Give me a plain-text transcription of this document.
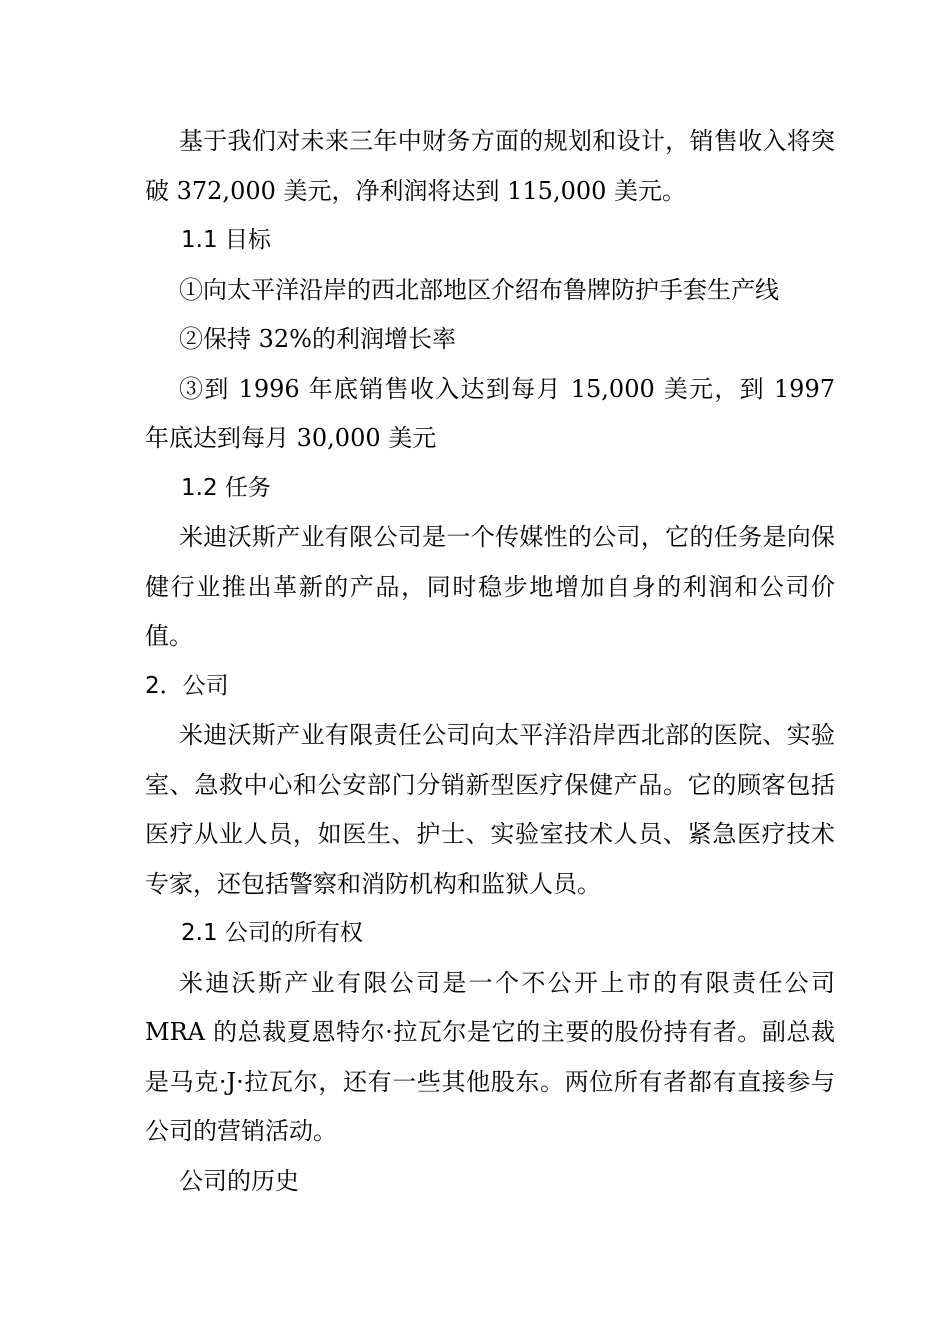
基于我们对未来三年中财务方面的规划和设计，销售收入将突破 372,000 美元，净利润将达到 115,000 美元。

1.1 目标

①向太平洋沿岸的西北部地区介绍布鲁牌防护手套生产线

②保持 32%的利润增长率

③到 1996 年底销售收入达到每月 15,000 美元，到 1997 年底达到每月 30,000 美元

1.2 任务

米迪沃斯产业有限公司是一个传媒性的公司，它的任务是向保健行业推出革新的产品，同时稳步地增加自身的利润和公司价值。

2．公司

米迪沃斯产业有限责任公司向太平洋沿岸西北部的医院、实验室、急救中心和公安部门分销新型医疗保健产品。它的顾客包括医疗从业人员，如医生、护士、实验室技术人员、紧急医疗技术专家，还包括警察和消防机构和监狱人员。

2.1 公司的所有权

米迪沃斯产业有限公司是一个不公开上市的有限责任公司 MRA 的总裁夏恩特尔·拉瓦尔是它的主要的股份持有者。副总裁是马克·J·拉瓦尔，还有一些其他股东。两位所有者都有直接参与公司的营销活动。

公司的历史
